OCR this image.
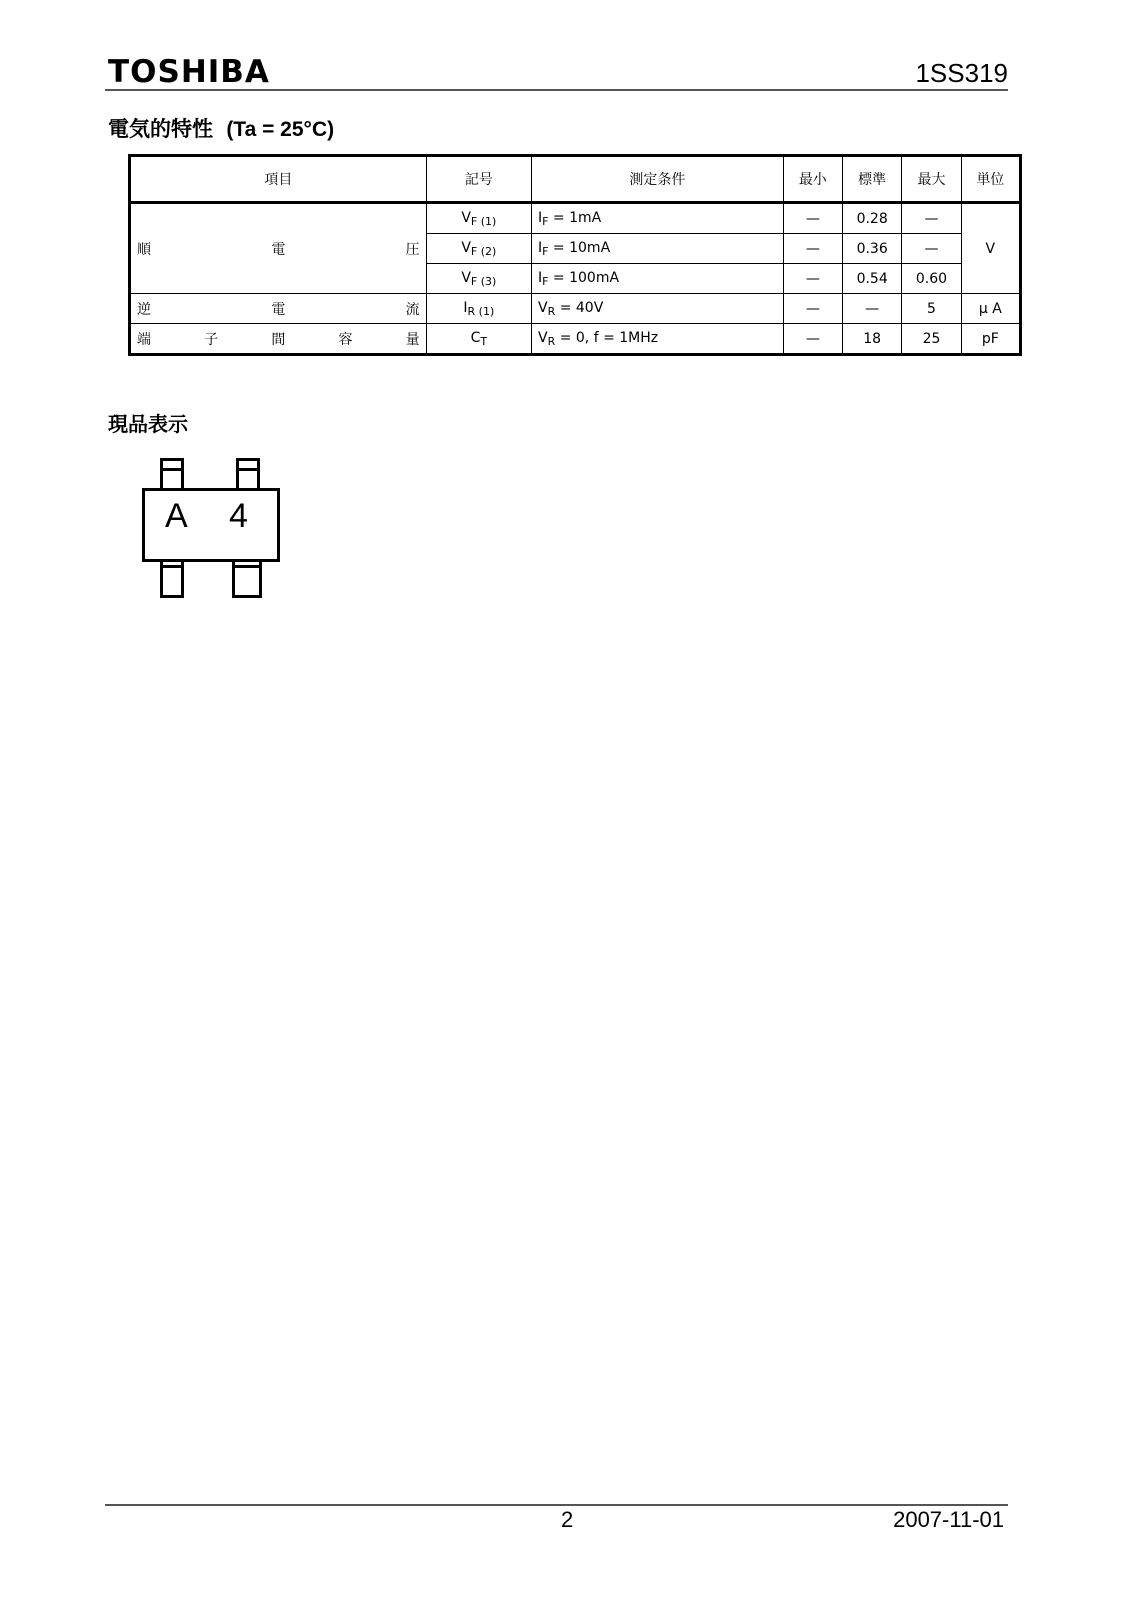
TOSHIBA	1SS319
電気的特性 (Ta = 25°C)
項目	記号	測定条件	最小	標準	最大	単位

順 電 圧	$V_{F (1)}$	$I_F = 1mA$	—	0.28	—	V
	$V_{F (2)}$	$I_F = 10mA$	—	0.36	—	
	$V_{F (3)}$	$I_F = 100mA$	—	0.54	0.60	

逆 電 流	$I_{R (1)}$	$V_R = 40V$	—	—	5	μ A

端 子 間 容 量	$C_T$	$V_R = 0$, f = 1MHz	—	18	25	pF
現品表示
A 4
2	2007-11-01
